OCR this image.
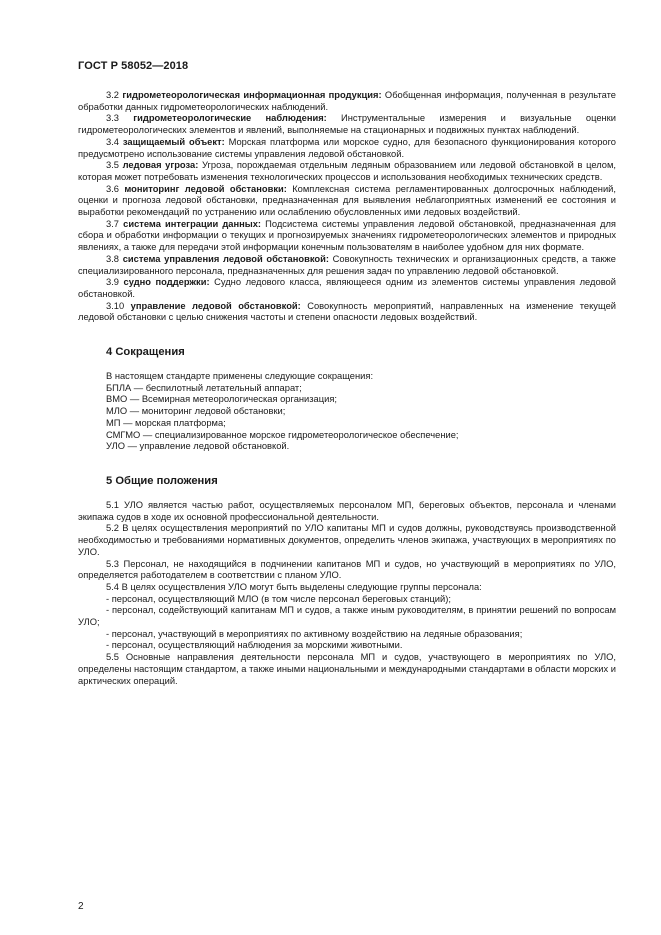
ГОСТ Р 58052—2018

3.2 гидрометеорологическая информационная продукция: Обобщенная информация, полученная в результате обработки данных гидрометеорологических наблюдений.

3.3 гидрометеорологические наблюдения: Инструментальные измерения и визуальные оценки гидрометеорологических элементов и явлений, выполняемые на стационарных и подвижных пунктах наблюдений.

3.4 защищаемый объект: Морская платформа или морское судно, для безопасного функционирования которого предусмотрено использование системы управления ледовой обстановкой.

3.5 ледовая угроза: Угроза, порождаемая отдельным ледяным образованием или ледовой обстановкой в целом, которая может потребовать изменения технологических процессов и использования необходимых технических средств.

3.6 мониторинг ледовой обстановки: Комплексная система регламентированных долгосрочных наблюдений, оценки и прогноза ледовой обстановки, предназначенная для выявления неблагоприятных изменений ее состояния и выработки рекомендаций по устранению или ослаблению обусловленных ими ледовых воздействий.

3.7 система интеграции данных: Подсистема системы управления ледовой обстановкой, предназначенная для сбора и обработки информации о текущих и прогнозируемых значениях гидрометеорологических элементов и природных явлениях, а также для передачи этой информации конечным пользователям в наиболее удобном для них формате.

3.8 система управления ледовой обстановкой: Совокупность технических и организационных средств, а также специализированного персонала, предназначенных для решения задач по управлению ледовой обстановкой.

3.9 судно поддержки: Судно ледового класса, являющееся одним из элементов системы управления ледовой обстановкой.

3.10 управление ледовой обстановкой: Совокупность мероприятий, направленных на изменение текущей ледовой обстановки с целью снижения частоты и степени опасности ледовых воздействий.

4 Сокращения

В настоящем стандарте применены следующие сокращения:

БПЛА — беспилотный летательный аппарат;
ВМО — Всемирная метеорологическая организация;
МЛО — мониторинг ледовой обстановки;
МП — морская платформа;
СМГМО — специализированное морское гидрометеорологическое обеспечение;
УЛО — управление ледовой обстановкой.
5 Общие положения

5.1 УЛО является частью работ, осуществляемых персоналом МП, береговых объектов, персонала и членами экипажа судов в ходе их основной профессиональной деятельности.

5.2 В целях осуществления мероприятий по УЛО капитаны МП и судов должны, руководствуясь производственной необходимостью и требованиями нормативных документов, определить членов экипажа, участвующих в мероприятиях по УЛО.

5.3 Персонал, не находящийся в подчинении капитанов МП и судов, но участвующий в мероприятиях по УЛО, определяется работодателем в соответствии с планом УЛО.

5.4 В целях осуществления УЛО могут быть выделены следующие группы персонала:

- персонал, осуществляющий МЛО (в том числе персонал береговых станций);

- персонал, содействующий капитанам МП и судов, а также иным руководителям, в принятии решений по вопросам УЛО;

- персонал, участвующий в мероприятиях по активному воздействию на ледяные образования;

- персонал, осуществляющий наблюдения за морскими животными.

5.5 Основные направления деятельности персонала МП и судов, участвующего в мероприятиях по УЛО, определены настоящим стандартом, а также иными национальными и международными стандартами в области морских и арктических операций.

2
